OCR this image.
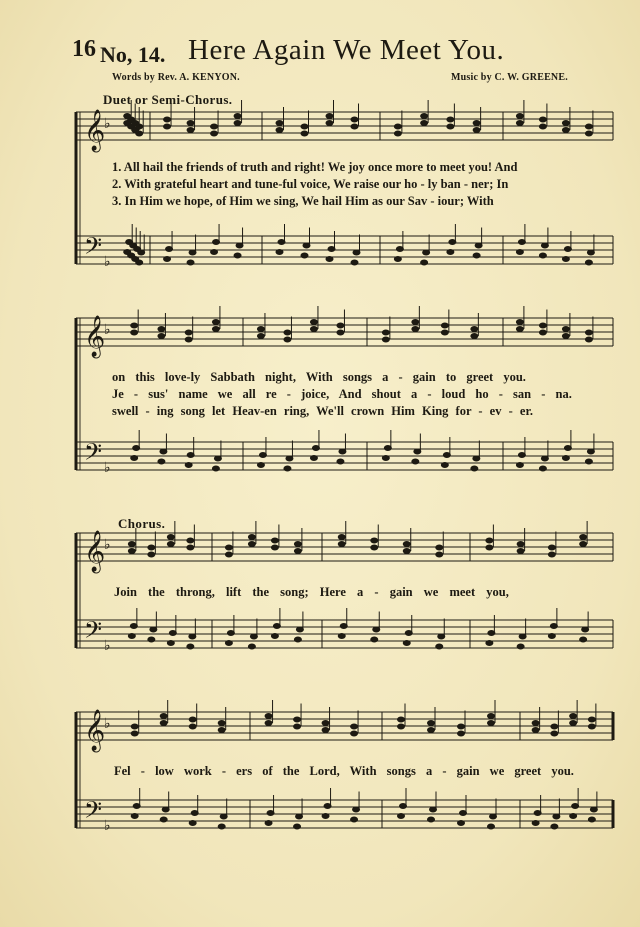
16 No, 14. Here Again We Meet You.
Words by Rev. A. KENYON.	Music by C. W. GREENE.
Duet or Semi-Chorus.
Chorus.
1. All hail the friends of truth and right! We joy once more to meet you! And
2. With grateful heart and tune-ful voice, We raise our ho - ly ban - ner; In
3. In Him we hope, of Him we sing, We hail Him as our Sav - iour; With
on this love-ly Sabbath night, With songs a - gain to greet you.
Je - sus' name we all re - joice, And shout a - loud ho - san - na.
swell - ing song let Heav-en ring, We'll crown Him King for - ev - er.
Join the throng, lift the song; Here a - gain we meet you,
Fel - low work - ers of the Lord, With songs a - gain we greet you.
𝄞
𝄢
♭
♭
𝄞
𝄢
♭
♭
𝄞
𝄢
♭
♭
𝄞
𝄢
♭
♭
